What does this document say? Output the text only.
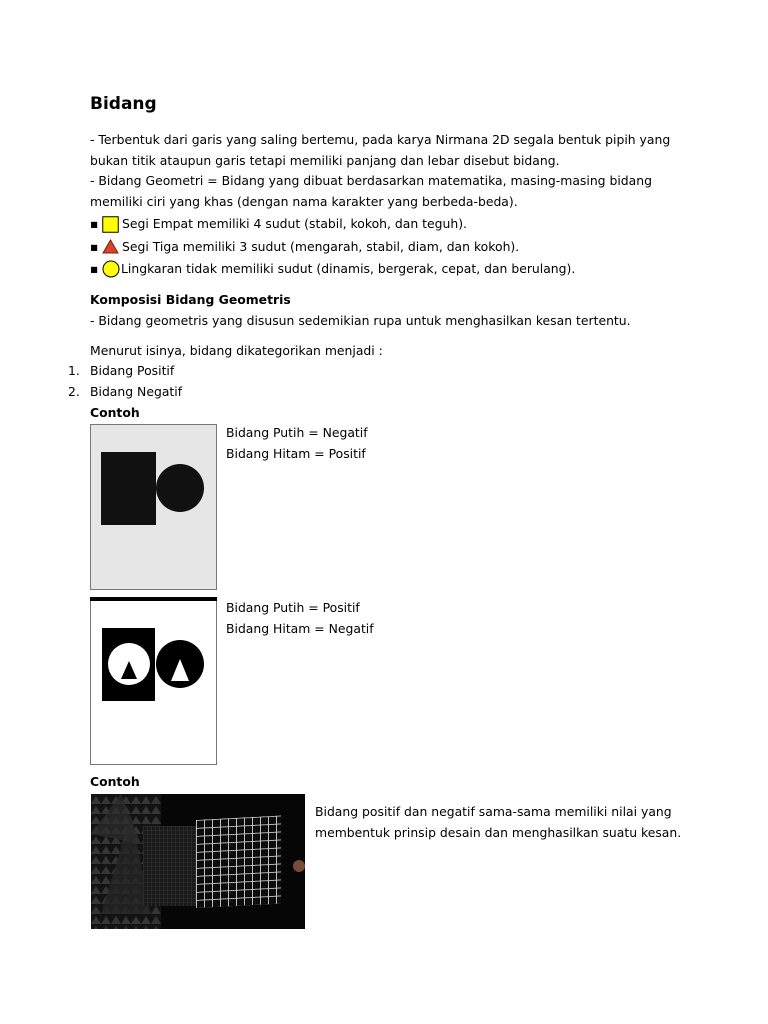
Bidang
- Terbentuk dari garis yang saling bertemu, pada karya Nirmana 2D segala bentuk pipih yang
bukan titik ataupun garis tetapi memiliki panjang dan lebar disebut bidang.
- Bidang Geometri = Bidang yang dibuat berdasarkan matematika, masing-masing bidang
memiliki ciri yang khas (dengan nama karakter yang berbeda-beda).
▪ Segi Empat memiliki 4 sudut (stabil, kokoh, dan teguh).
▪ Segi Tiga memiliki 3 sudut (mengarah, stabil, diam, dan kokoh).
▪ Lingkaran tidak memiliki sudut (dinamis, bergerak, cepat, dan berulang).
Komposisi Bidang Geometris
- Bidang geometris yang disusun sedemikian rupa untuk menghasilkan kesan tertentu.
Menurut isinya, bidang dikategorikan menjadi :
1. Bidang Positif
2. Bidang Negatif
Contoh
Bidang Putih = Negatif
Bidang Hitam = Positif
Bidang Putih = Positif
Bidang Hitam = Negatif
Contoh
Bidang positif dan negatif sama-sama memiliki nilai yang
membentuk prinsip desain dan menghasilkan suatu kesan.
